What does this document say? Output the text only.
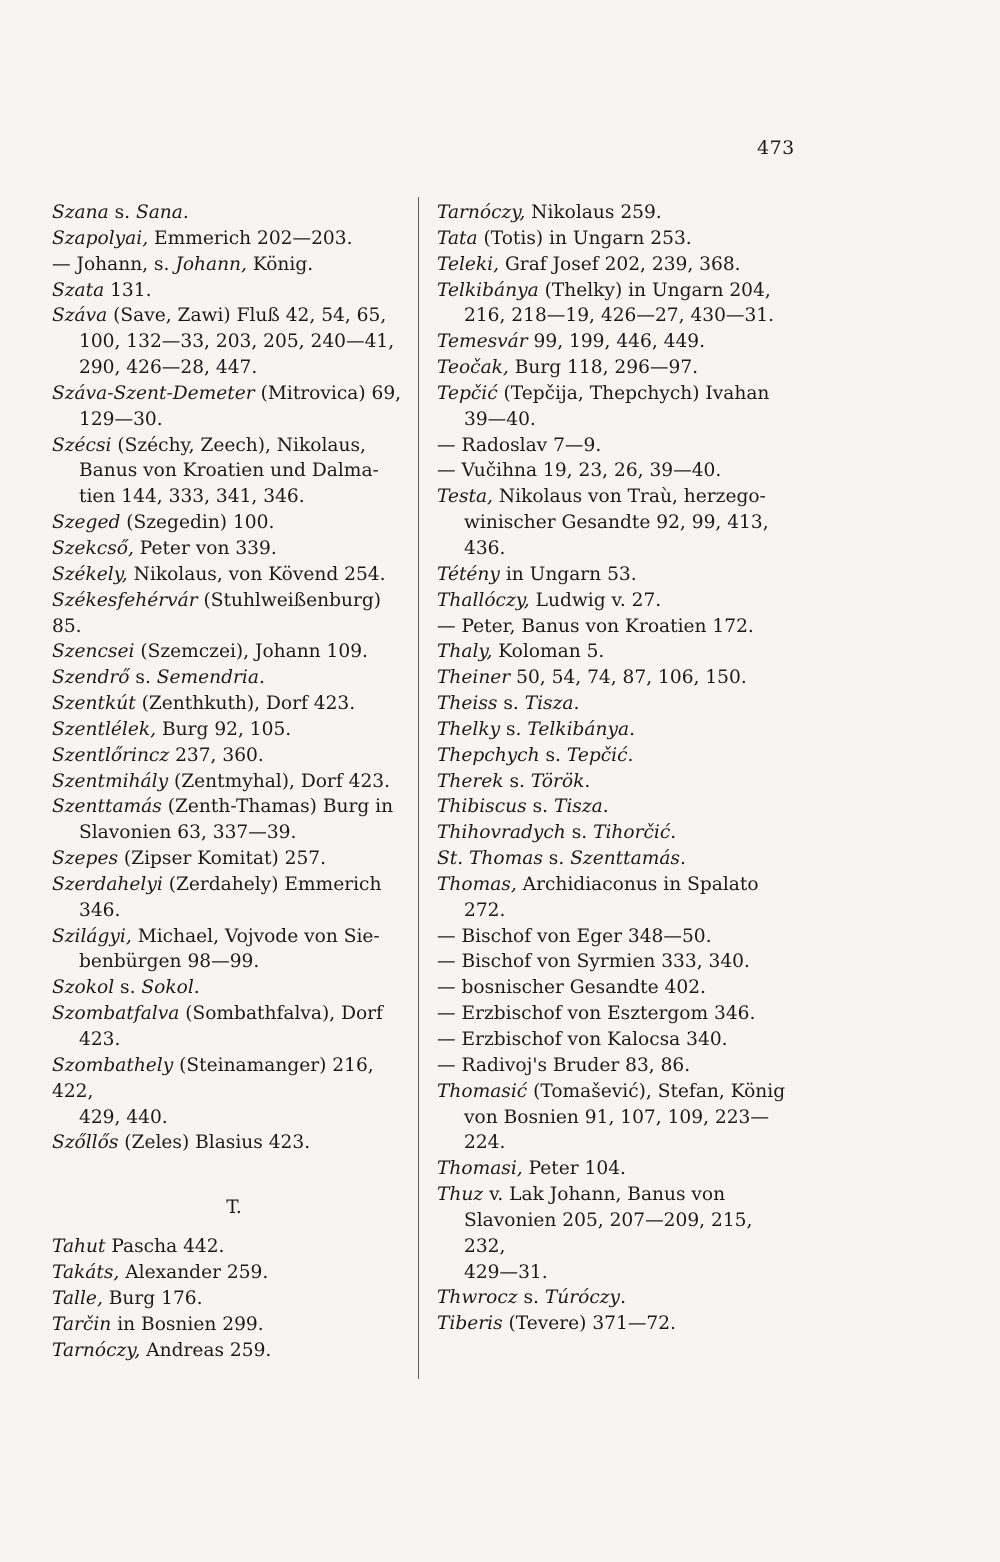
473
Szana s. Sana.
Szapolyai, Emmerich 202—203.
— Johann, s. Johann, König.
Szata 131.
Száva (Save, Zawi) Fluß 42, 54, 65,
100, 132—33, 203, 205, 240—41,
290, 426—28, 447.
Száva-Szent-Demeter (Mitrovica) 69,
129—30.
Szécsi (Széchy, Zeech), Nikolaus,
Banus von Kroatien und Dalma-
tien 144, 333, 341, 346.
Szeged (Szegedin) 100.
Szekcső, Peter von 339.
Székely, Nikolaus, von Kövend 254.
Székesfehérvár (Stuhlweißenburg) 85.
Szencsei (Szemczei), Johann 109.
Szendrő s. Semendria.
Szentkút (Zenthkuth), Dorf 423.
Szentlélek, Burg 92, 105.
Szentlőrincz 237, 360.
Szentmihály (Zentmyhal), Dorf 423.
Szenttamás (Zenth-Thamas) Burg in
Slavonien 63, 337—39.
Szepes (Zipser Komitat) 257.
Szerdahelyi (Zerdahely) Emmerich
346.
Szilágyi, Michael, Vojvode von Sie-
benbürgen 98—99.
Szokol s. Sokol.
Szombatfalva (Sombathfalva), Dorf
423.
Szombathely (Steinamanger) 216, 422,
429, 440.
Szőllős (Zeles) Blasius 423.
T.
Tahut Pascha 442.
Takáts, Alexander 259.
Talle, Burg 176.
Tarčin in Bosnien 299.
Tarnóczy, Andreas 259.
Tarnóczy, Nikolaus 259.
Tata (Totis) in Ungarn 253.
Teleki, Graf Josef 202, 239, 368.
Telkibánya (Thelky) in Ungarn 204,
216, 218—19, 426—27, 430—31.
Temesvár 99, 199, 446, 449.
Teočak, Burg 118, 296—97.
Tepčić (Tepčija, Thepchych) Ivahan
39—40.
— Radoslav 7—9.
— Vučihna 19, 23, 26, 39—40.
Testa, Nikolaus von Traù, herzego-
winischer Gesandte 92, 99, 413,
436.
Tétény in Ungarn 53.
Thallóczy, Ludwig v. 27.
— Peter, Banus von Kroatien 172.
Thaly, Koloman 5.
Theiner 50, 54, 74, 87, 106, 150.
Theiss s. Tisza.
Thelky s. Telkibánya.
Thepchych s. Tepčić.
Therek s. Török.
Thibiscus s. Tisza.
Thihovradych s. Tihorčić.
St. Thomas s. Szenttamás.
Thomas, Archidiaconus in Spalato
272.
— Bischof von Eger 348—50.
— Bischof von Syrmien 333, 340.
— bosnischer Gesandte 402.
— Erzbischof von Esztergom 346.
— Erzbischof von Kalocsa 340.
— Radivoj's Bruder 83, 86.
Thomasić (Tomašević), Stefan, König
von Bosnien 91, 107, 109, 223—
224.
Thomasi, Peter 104.
Thuz v. Lak Johann, Banus von
Slavonien 205, 207—209, 215, 232,
429—31.
Thwrocz s. Túróczy.
Tiberis (Tevere) 371—72.
